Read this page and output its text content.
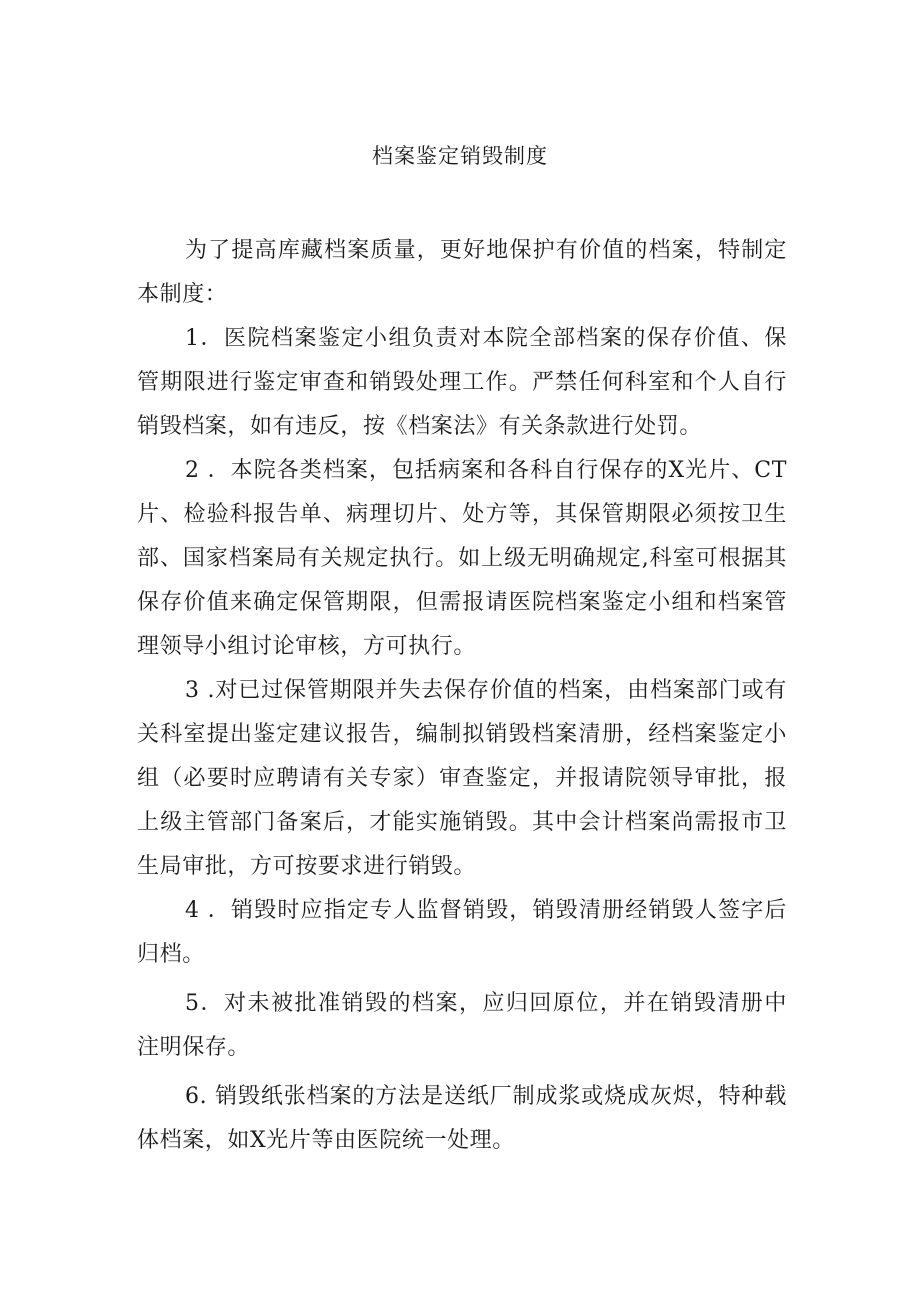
档案鉴定销毁制度

为了提高库藏档案质量，更好地保护有价值的档案，特制定本制度：

1．医院档案鉴定小组负责对本院全部档案的保存价值、保管期限进行鉴定审查和销毁处理工作。严禁任何科室和个人自行销毁档案，如有违反，按《档案法》有关条款进行处罚。

2 ．本院各类档案，包括病案和各科自行保存的X光片、CT片、检验科报告单、病理切片、处方等，其保管期限必须按卫生部、国家档案局有关规定执行。如上级无明确规定,科室可根据其保存价值来确定保管期限，但需报请医院档案鉴定小组和档案管理领导小组讨论审核，方可执行。

3 .对已过保管期限并失去保存价值的档案，由档案部门或有关科室提出鉴定建议报告，编制拟销毁档案清册，经档案鉴定小组（必要时应聘请有关专家）审查鉴定，并报请院领导审批，报上级主管部门备案后，才能实施销毁。其中会计档案尚需报市卫生局审批，方可按要求进行销毁。

4 ．销毁时应指定专人监督销毁，销毁清册经销毁人签字后归档。

5．对未被批准销毁的档案，应归回原位，并在销毁清册中注明保存。

6. 销毁纸张档案的方法是送纸厂制成浆或烧成灰烬，特种载体档案，如X光片等由医院统一处理。
